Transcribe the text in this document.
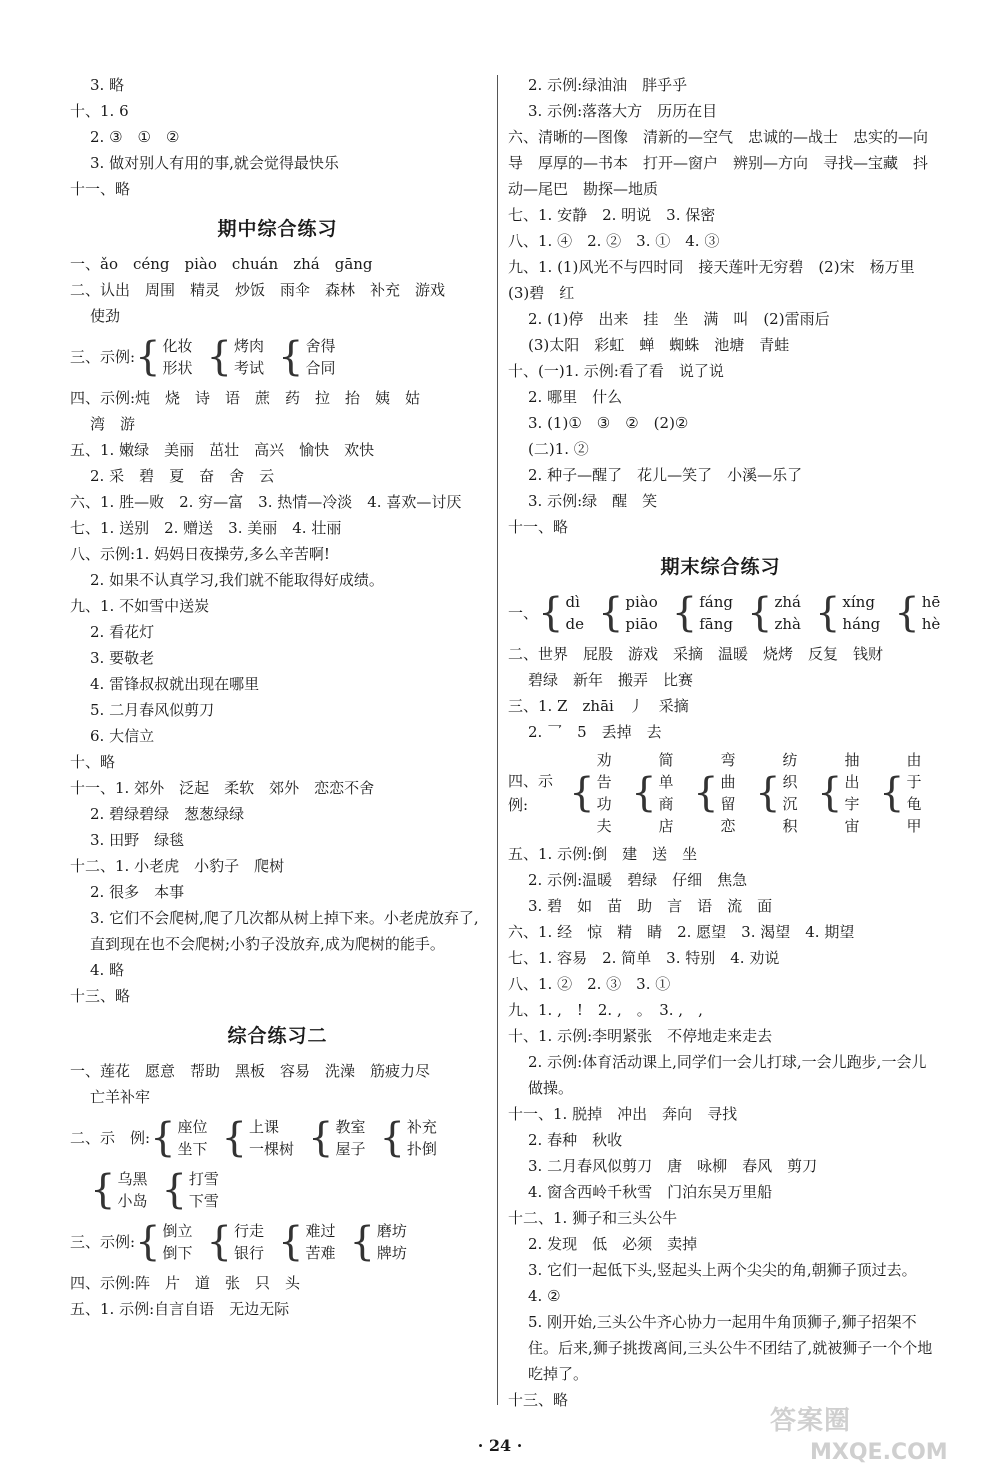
3. 略
十、1. 6
2. ③　①　②
3. 做对别人有用的事,就会觉得最快乐
十一、略
期中综合练习
一、ǎo　céng　piào　chuán　zhá　gāng
二、认出　周围　精灵　炒饭　雨伞　森林　补充　游戏
使劲
三、示例: { 化妆
形状 { 烤肉
考试 { 舍得
合同
四、示例:炖　烧　诗　语　蔗　药　拉　抬　姨　姑
湾　游
五、1. 嫩绿　美丽　茁壮　高兴　愉快　欢快
2. 采　碧　夏　奋　舍　云
六、1. 胜—败　2. 穷—富　3. 热情—冷淡　4. 喜欢—讨厌
七、1. 送别　2. 赠送　3. 美丽　4. 壮丽
八、示例:1. 妈妈日夜操劳,多么辛苦啊!
2. 如果不认真学习,我们就不能取得好成绩。
九、1. 不如雪中送炭
2. 看花灯
3. 要敬老
4. 雷锋叔叔就出现在哪里
5. 二月春风似剪刀
6. 大信立
十、略
十一、1. 郊外　泛起　柔软　郊外　恋恋不舍
2. 碧绿碧绿　葱葱绿绿
3. 田野　绿毯
十二、1. 小老虎　小豹子　爬树
2. 很多　本事
3. 它们不会爬树,爬了几次都从树上掉下来。小老虎放弃了,直到现在也不会爬树;小豹子没放弃,成为爬树的能手。
4. 略
十三、略
综合练习二
一、莲花　愿意　帮助　黑板　容易　洗澡　筋疲力尽
亡羊补牢
二、示　例: { 座位
坐下 { 上课
一棵树 { 教室
屋子 { 补充
扑倒
{ 乌黑
小岛 { 打雪
下雪
三、示例: { 倒立
倒下 { 行走
银行 { 难过
苦难 { 磨坊
牌坊
四、示例:阵　片　道　张　只　头
五、1. 示例:自言自语　无边无际
2. 示例:绿油油　胖乎乎
3. 示例:落落大方　历历在目
六、清晰的—图像　清新的—空气　忠诚的—战士　忠实的—向导　厚厚的—书本　打开—窗户　辨别—方向　寻找—宝藏　抖动—尾巴　勘探—地质
七、1. 安静　2. 明说　3. 保密
八、1. ④　2. ②　3. ①　4. ③
九、1. (1)风光不与四时同　接天莲叶无穷碧　(2)宋　杨万里　(3)碧　红
2. (1)停　出来　挂　坐　满　叫　(2)雷雨后
(3)太阳　彩虹　蝉　蜘蛛　池塘　青蛙
十、(一)1. 示例:看了看　说了说
2. 哪里　什么
3. (1)①　③　②　(2)②
(二)1. ②
2. 种子—醒了　花儿—笑了　小溪—乐了
3. 示例:绿　醒　笑
十一、略
期末综合练习
一、 { dì
de { piào
piāo { fáng
fāng { zhá
zhà { xíng
háng { hē
hè
二、世界　屁股　游戏　采摘　温暖　烧烤　反复　钱财
碧绿　新年　搬弄　比赛
三、1. Z　zhāi　丿　采摘
2. 乛　5　丢掉　去
四、示例:	{
劝告
功夫
{
简单
商店
{
弯曲
留恋
{
纺织
沉积
{
抽出
宇宙
{
由于
龟甲
五、1. 示例:倒　建　送　坐
2. 示例:温暖　碧绿　仔细　焦急
3. 碧　如　苗　助　言　语　流　面
六、1. 经　惊　精　睛　2. 愿望　3. 渴望　4. 期望
七、1. 容易　2. 简单　3. 特别　4. 劝说
八、1. ②　2. ③　3. ①
九、1. ,　!　2. ,　。　3. ,　,
十、1. 示例:李明紧张　不停地走来走去
2. 示例:体育活动课上,同学们一会儿打球,一会儿跑步,一会儿做操。
十一、1. 脱掉　冲出　奔向　寻找
2. 春种　秋收
3. 二月春风似剪刀　唐　咏柳　春风　剪刀
4. 窗含西岭千秋雪　门泊东吴万里船
十二、1. 狮子和三头公牛
2. 发现　低　必须　卖掉
3. 它们一起低下头,竖起头上两个尖尖的角,朝狮子顶过去。
4. ②
5. 刚开始,三头公牛齐心协力一起用牛角顶狮子,狮子招架不住。后来,狮子挑拨离间,三头公牛不团结了,就被狮子一个个地吃掉了。
十三、略
· 24 ·
答案圈
MXQE.COM
